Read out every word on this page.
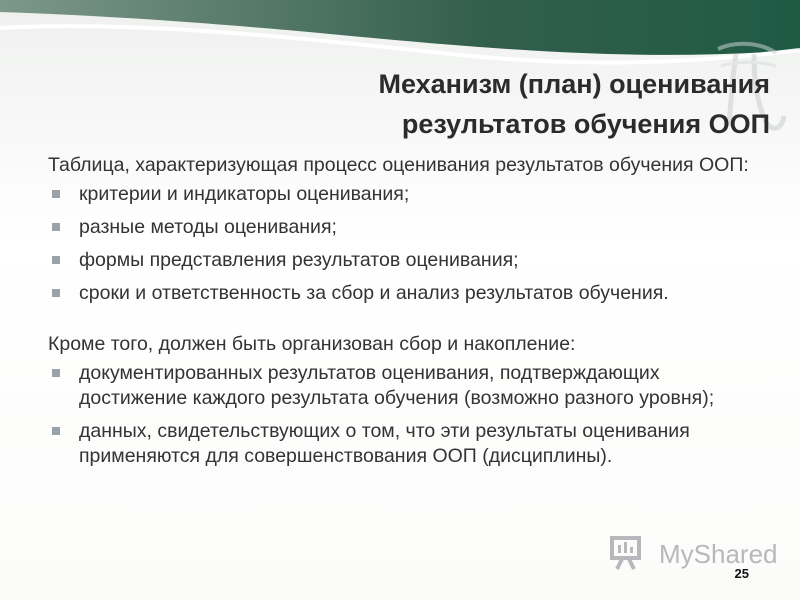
Механизм (план) оценивания
результатов обучения ООП

Таблица, характеризующая процесс оценивания результатов обучения ООП:

критерии и индикаторы оценивания;
разные методы оценивания;
формы представления результатов оценивания;
сроки и ответственность за сбор и анализ результатов обучения.

Кроме того, должен быть организован сбор и накопление:

документированных результатов оценивания, подтверждающих достижение каждого результата обучения (возможно разного уровня);
данных, свидетельствующих о том, что эти результаты оценивания применяются для совершенствования ООП (дисциплины).
MyShared
25
